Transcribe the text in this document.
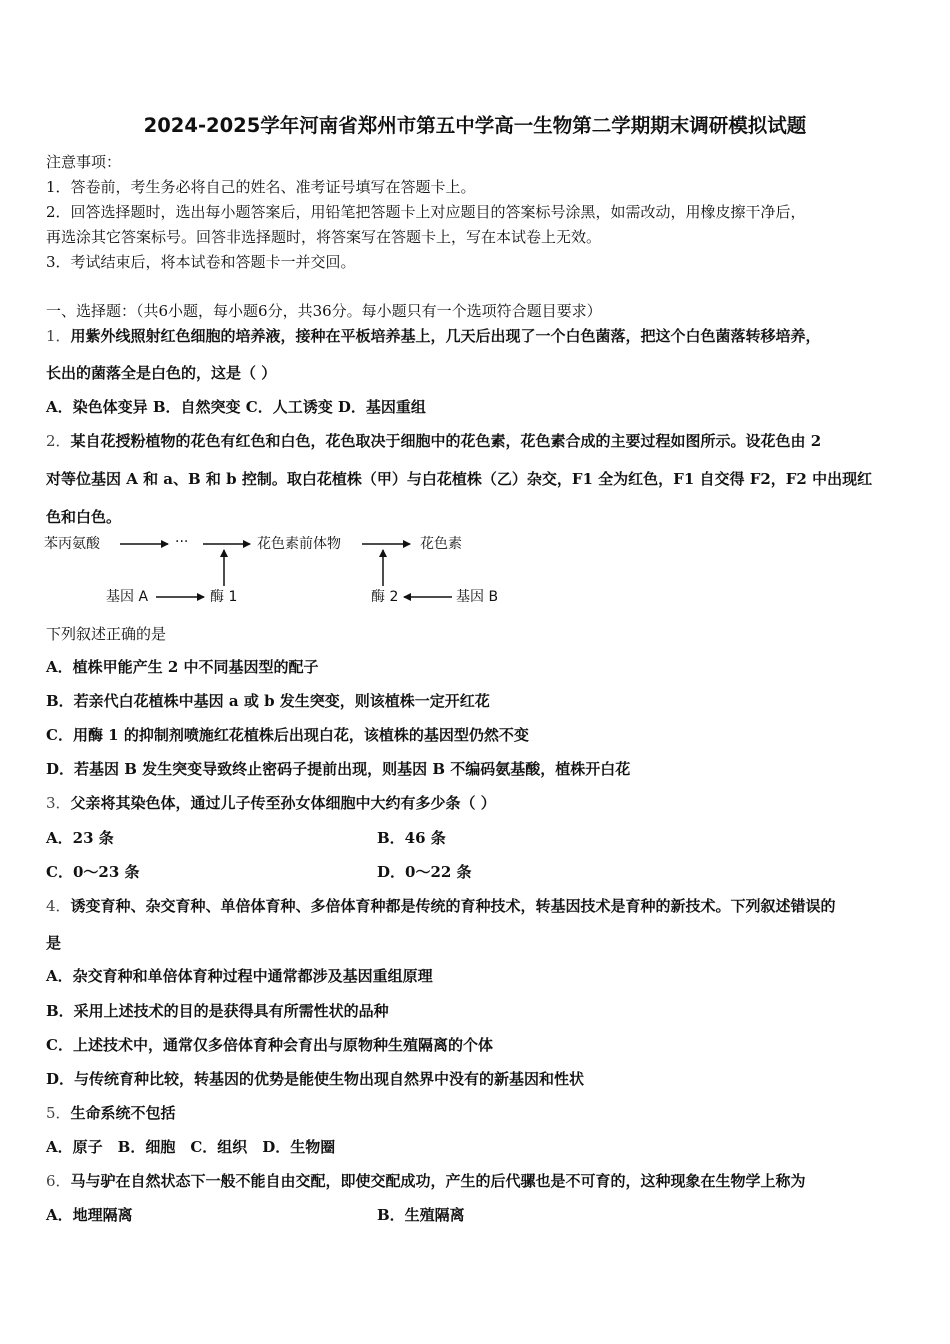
2024-2025学年河南省郑州市第五中学高一生物第二学期期末调研模拟试题
注意事项：
1．答卷前，考生务必将自己的姓名、准考证号填写在答题卡上。
2．回答选择题时，选出每小题答案后，用铅笔把答题卡上对应题目的答案标号涂黑，如需改动，用橡皮擦干净后，
再选涂其它答案标号。回答非选择题时，将答案写在答题卡上，写在本试卷上无效。
3．考试结束后，将本试卷和答题卡一并交回。
一、选择题：（共6小题，每小题6分，共36分。每小题只有一个选项符合题目要求）
1．用紫外线照射红色细胞的培养液，接种在平板培养基上，几天后出现了一个白色菌落，把这个白色菌落转移培养，
长出的菌落全是白色的，这是（ ）
A．染色体变异 B．自然突变 C．人工诱变 D．基因重组
2．某自花授粉植物的花色有红色和白色，花色取决于细胞中的花色素，花色素合成的主要过程如图所示。设花色由 2
对等位基因 A 和 a、B 和 b 控制。取白花植株（甲）与白花植株（乙）杂交，F1 全为红色，F1 自交得 F2，F2 中出现红
色和白色。
苯丙氨酸	···	花色素前体物	花色素
基因 A	酶 1	酶 2	基因 B
下列叙述正确的是
A．植株甲能产生 2 中不同基因型的配子
B．若亲代白花植株中基因 a 或 b 发生突变，则该植株一定开红花
C．用酶 1 的抑制剂喷施红花植株后出现白花，该植株的基因型仍然不变
D．若基因 B 发生突变导致终止密码子提前出现，则基因 B 不编码氨基酸，植株开白花
3．父亲将其染色体，通过儿子传至孙女体细胞中大约有多少条（ ）
A．23 条	B．46 条
C．0～23 条	D．0～22 条
4．诱变育种、杂交育种、单倍体育种、多倍体育种都是传统的育种技术，转基因技术是育种的新技术。下列叙述错误的
是
A．杂交育种和单倍体育种过程中通常都涉及基因重组原理
B．采用上述技术的目的是获得具有所需性状的品种
C．上述技术中，通常仅多倍体育种会育出与原物种生殖隔离的个体
D．与传统育种比较，转基因的优势是能使生物出现自然界中没有的新基因和性状
5．生命系统不包括
A．原子　B．细胞　C．组织　D．生物圈
6．马与驴在自然状态下一般不能自由交配，即使交配成功，产生的后代骡也是不可育的，这种现象在生物学上称为
A．地理隔离	B．生殖隔离
